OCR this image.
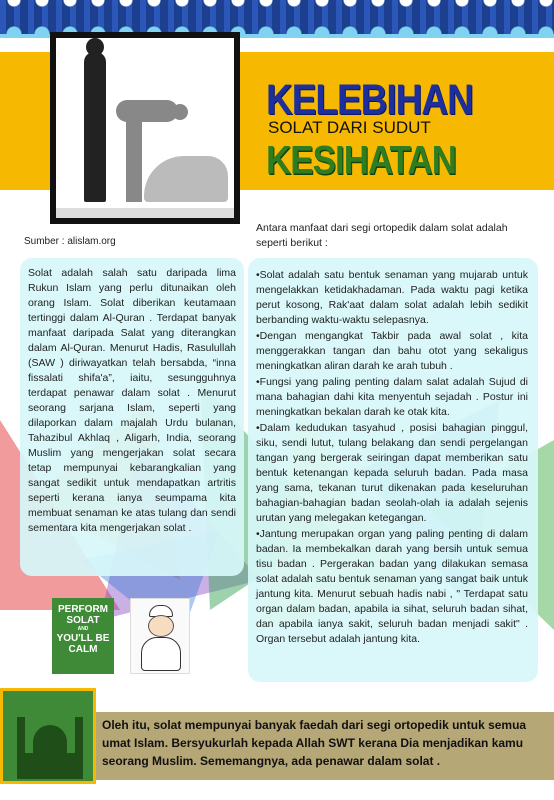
KELEBIHAN
SOLAT DARI SUDUT
KESIHATAN
Sumber : alislam.org
Antara manfaat dari segi ortopedik dalam solat adalah seperti berikut :
Solat adalah salah satu daripada lima Rukun Islam yang perlu ditunaikan oleh orang Islam. Solat diberikan keutamaan tertinggi dalam Al-Quran . Terdapat banyak manfaat daripada Salat yang diterangkan dalam Al-Quran. Menurut Hadis, Rasulullah (SAW ) diriwayatkan telah bersabda, “inna fissalati shifa'a”, iaitu, sesungguhnya terdapat penawar dalam solat . Menurut seorang sarjana Islam, seperti yang dilaporkan dalam majalah Urdu bulanan, Tahazibul Akhlaq , Aligarh, India, seorang Muslim yang mengerjakan solat secara tetap mempunyai kebarangkalian yang sangat sedikit untuk mendapatkan artritis seperti kerana ianya seumpama kita membuat senaman ke atas tulang dan sendi sementara kita mengerjakan solat .

•Solat adalah satu bentuk senaman yang mujarab untuk mengelakkan ketidakhadaman. Pada waktu pagi ketika perut kosong, Rak'aat dalam solat adalah lebih sedikit berbanding waktu-waktu selepasnya.

•Dengan mengangkat Takbir pada awal solat , kita menggerakkan tangan dan bahu otot yang sekaligus meningkatkan aliran darah ke arah tubuh .

•Fungsi yang paling penting dalam salat adalah Sujud di mana bahagian dahi kita menyentuh sejadah . Postur ini meningkatkan bekalan darah ke otak kita.

•Dalam kedudukan tasyahud , posisi bahagian pinggul, siku, sendi lutut, tulang belakang dan sendi pergelangan tangan yang bergerak seiringan dapat memberikan satu bentuk ketenangan kepada seluruh badan. Pada masa yang sama, tekanan turut dikenakan pada keseluruhan bahagian-bahagian badan seolah-olah ia adalah sejenis urutan yang melegakan ketegangan.

•Jantung merupakan organ yang paling penting di dalam badan. Ia membekalkan darah yang bersih untuk semua tisu badan . Pergerakan badan yang dilakukan semasa solat adalah satu bentuk senaman yang sangat baik untuk jantung kita. Menurut sebuah hadis nabi , " Terdapat satu organ dalam badan, apabila ia sihat, seluruh badan sihat, dan apabila ianya sakit, seluruh badan menjadi sakit" . Organ tersebut adalah jantung kita.

PERFORM
SOLAT
AND
YOU'LL BE
CALM
Oleh itu, solat mempunyai banyak faedah dari segi ortopedik untuk semua umat Islam. Bersyukurlah kepada Allah SWT kerana Dia menjadikan kamu seorang Muslim. Sememangnya, ada penawar dalam solat .
